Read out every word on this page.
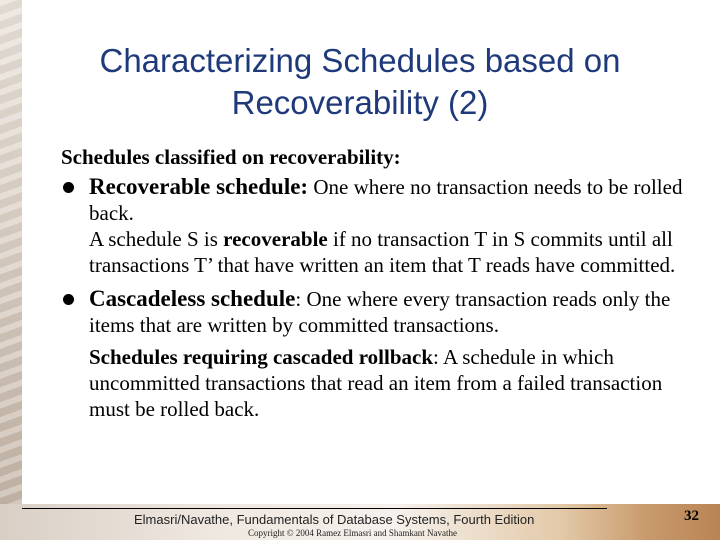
Characterizing Schedules based on
Recoverability (2)
Schedules classified on recoverability:
Recoverable schedule: One where no transaction needs to be rolled back.
A schedule S is recoverable if no transaction T in S commits until all transactions T’ that have written an item that T reads have committed.
Cascadeless schedule: One where every transaction reads only the items that are written by committed transactions.
Schedules requiring cascaded rollback: A schedule in which uncommitted transactions that read an item from a failed transaction must be rolled back.
Elmasri/Navathe, Fundamentals of Database Systems, Fourth Edition
Copyright © 2004 Ramez Elmasri and Shamkant Navathe
32
